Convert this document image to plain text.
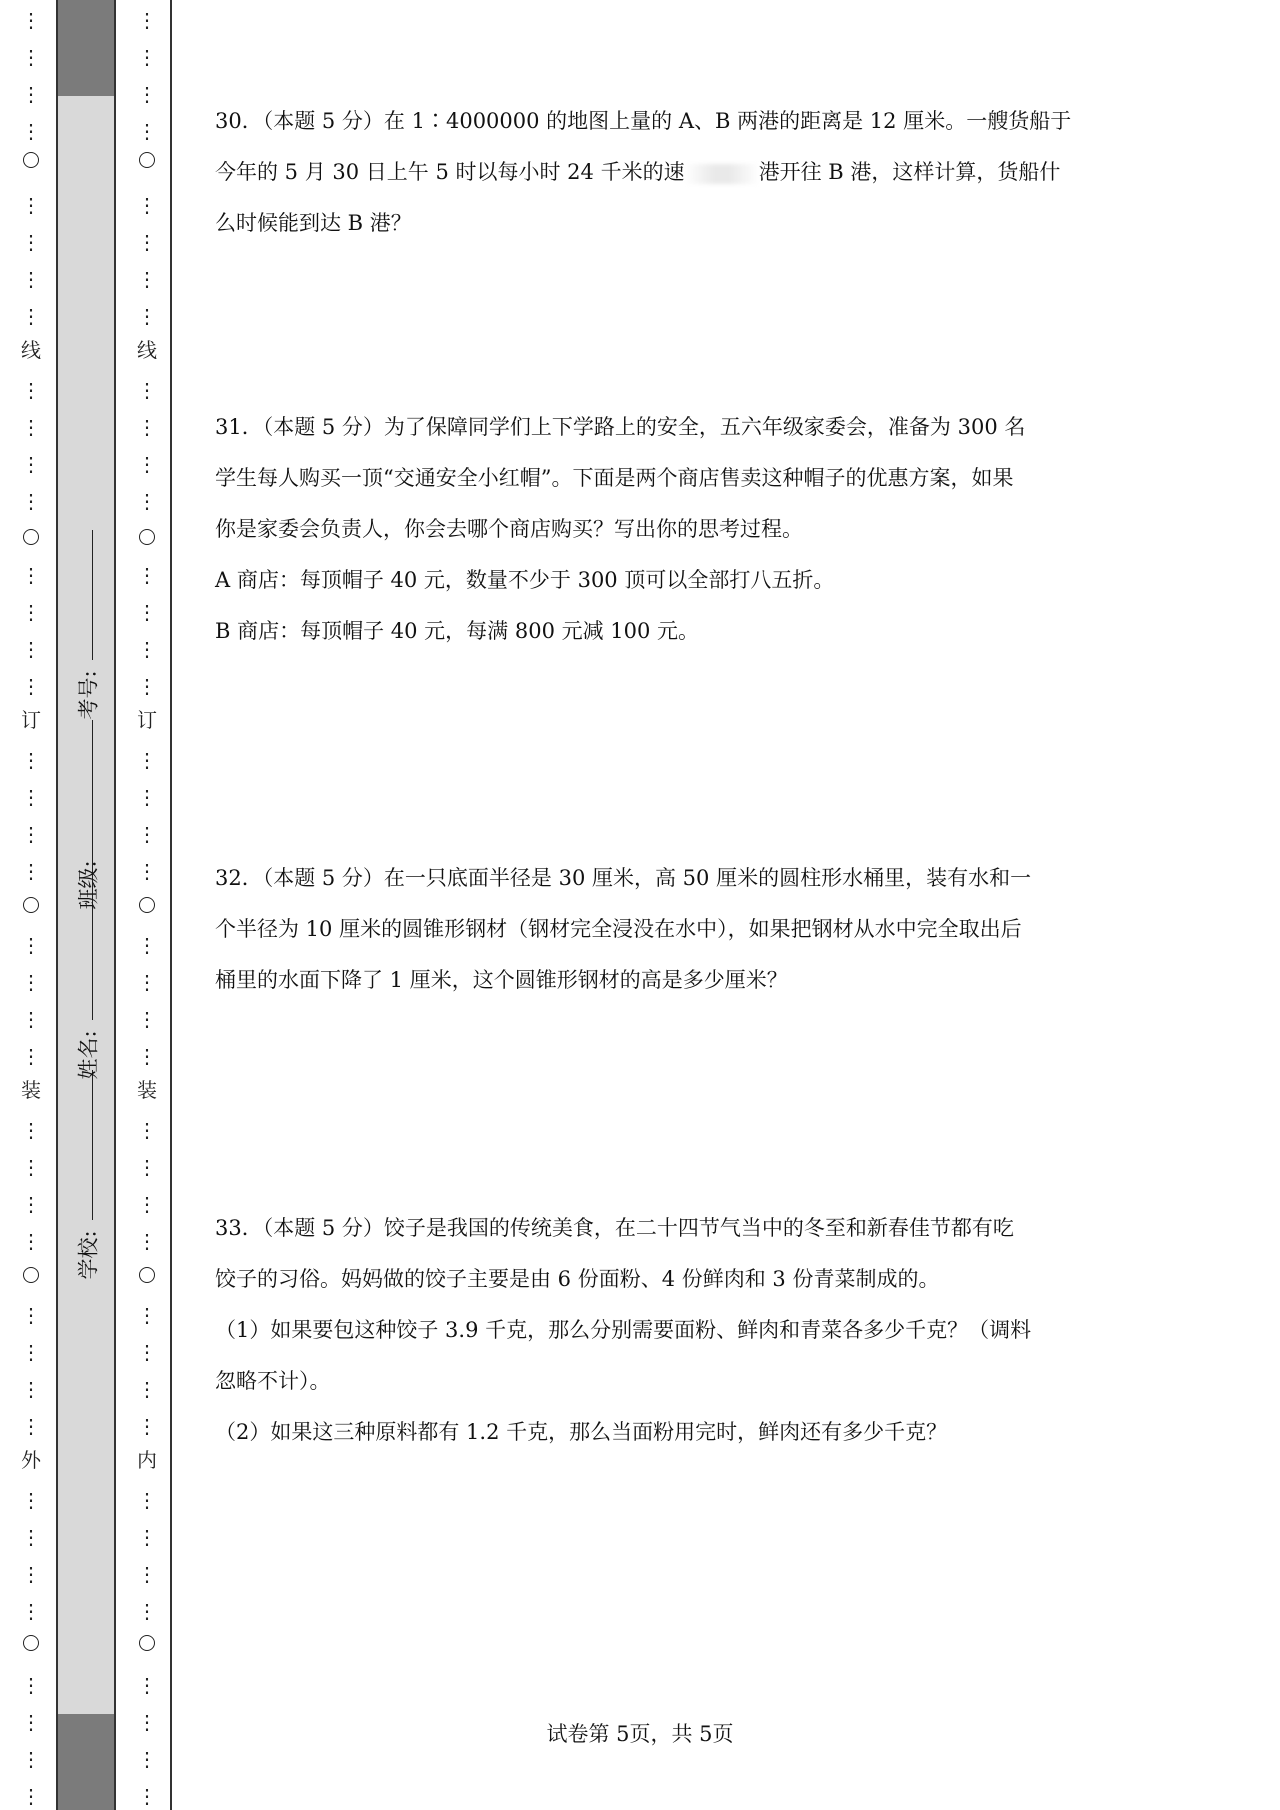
⋮
⋮
⋮
⋮
⋮
⋮
⋮
⋮
⋮
⋮
⋮
⋮
⋮
⋮
⋮
⋮
⋮
⋮
⋮
⋮
⋮
⋮
⋮
⋮
⋮
⋮
⋮
⋮
⋮
⋮
⋮
⋮
⋮
⋮
⋮
⋮
⋮
⋮
⋮
⋮
线
订
装
外
学校:
姓名:
班级:
考号:
⋮
⋮
⋮
⋮
⋮
⋮
⋮
⋮
⋮
⋮
⋮
⋮
⋮
⋮
⋮
⋮
⋮
⋮
⋮
⋮
⋮
⋮
⋮
⋮
⋮
⋮
⋮
⋮
⋮
⋮
⋮
⋮
⋮
⋮
⋮
⋮
⋮
⋮
⋮
⋮
线
订
装
内

30．（本题 5 分）在 1∶4000000 的地图上量的 A、B 两港的距离是 12 厘米。一艘货船于

今年的 5 月 30 日上午 5 时以每小时 24 千米的速	港开往 B 港，这样计算，货船什

么时候能到达 B 港？

31．（本题 5 分）为了保障同学们上下学路上的安全，五六年级家委会，准备为 300 名

学生每人购买一顶“交通安全小红帽”。下面是两个商店售卖这种帽子的优惠方案，如果

你是家委会负责人，你会去哪个商店购买？写出你的思考过程。

A 商店：每顶帽子 40 元，数量不少于 300 顶可以全部打八五折。

B 商店：每顶帽子 40 元，每满 800 元减 100 元。

32．（本题 5 分）在一只底面半径是 30 厘米，高 50 厘米的圆柱形水桶里，装有水和一

个半径为 10 厘米的圆锥形钢材（钢材完全浸没在水中），如果把钢材从水中完全取出后

桶里的水面下降了 1 厘米，这个圆锥形钢材的高是多少厘米？

33．（本题 5 分）饺子是我国的传统美食，在二十四节气当中的冬至和新春佳节都有吃

饺子的习俗。妈妈做的饺子主要是由 6 份面粉、4 份鲜肉和 3 份青菜制成的。

（1）如果要包这种饺子 3.9 千克，那么分别需要面粉、鲜肉和青菜各多少千克？（调料

忽略不计）。

（2）如果这三种原料都有 1.2 千克，那么当面粉用完时，鲜肉还有多少千克？

试卷第 5页，共 5页
